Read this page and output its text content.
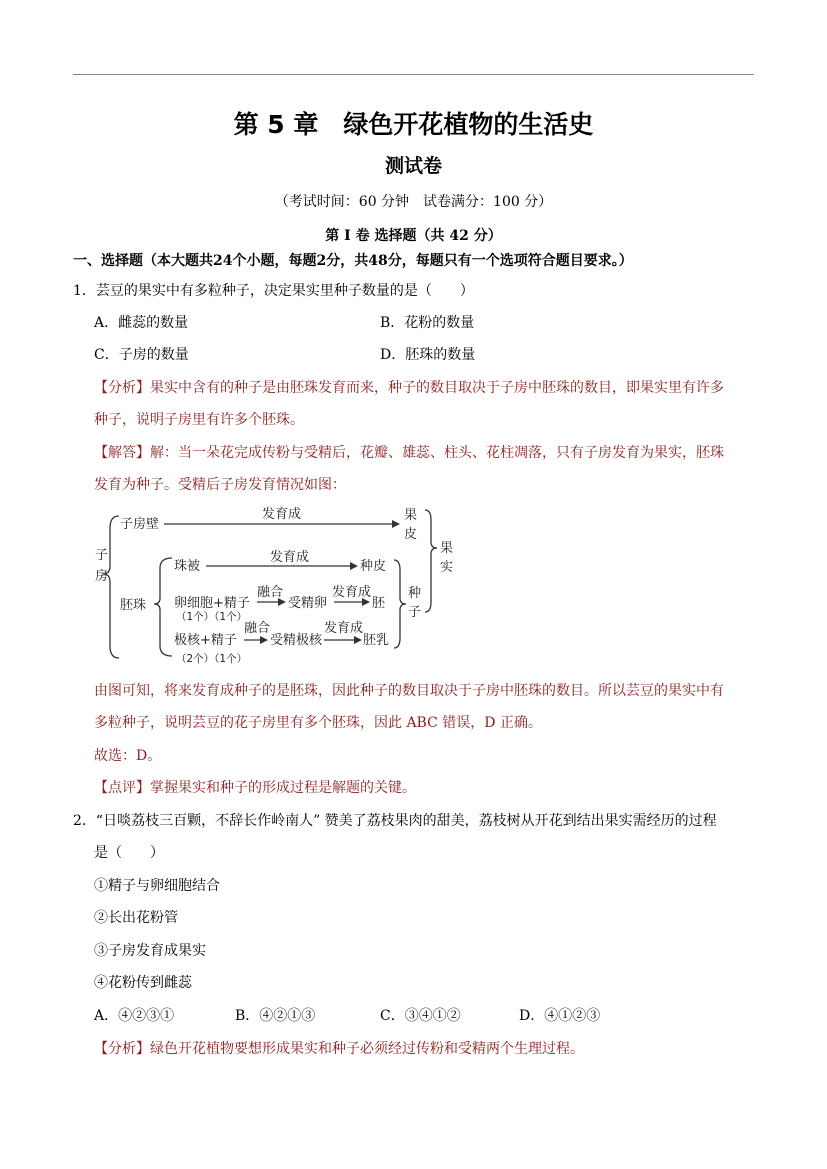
第 5 章　绿色开花植物的生活史
测试卷
（考试时间：60 分钟　试卷满分：100 分）
第 I 卷 选择题（共 42 分）
一、选择题（本大题共24个小题，每题2分，共48分，每题只有一个选项符合题目要求。）
1．芸豆的果实中有多粒种子，决定果实里种子数量的是（　　）
A．雌蕊的数量	B．花粉的数量
C．子房的数量	D．胚珠的数量
【分析】果实中含有的种子是由胚珠发育而来，种子的数目取决于子房中胚珠的数目，即果实里有许多
种子，说明子房里有许多个胚珠。
【解答】解：当一朵花完成传粉与受精后，花瓣、雄蕊、柱头、花柱凋落，只有子房发育为果实，胚珠
发育为种子。受精后子房发育情况如图：
子
房
子房壁
发育成	果
皮
果
实
胚珠
珠被
发育成
种皮
卵细胞+精子
（1个）（1个）
融合
受精卵
发育成
胚
极核+精子
（2个）（1个）
融合
受精极核
发育成
胚乳
种
子
由图可知，将来发育成种子的是胚珠，因此种子的数目取决于子房中胚珠的数目。所以芸豆的果实中有
多粒种子，说明芸豆的花子房里有多个胚珠，因此 ABC 错误，D 正确。
故选：D。
【点评】掌握果实和种子的形成过程是解题的关键。
2．“日啖荔枝三百颗，不辞长作岭南人” 赞美了荔枝果肉的甜美，荔枝树从开花到结出果实需经历的过程
是（　　）
①精子与卵细胞结合
②长出花粉管
③子房发育成果实
④花粉传到雌蕊
A．④②③①	B．④②①③	C．③④①②	D．④①②③
【分析】绿色开花植物要想形成果实和种子必须经过传粉和受精两个生理过程。
